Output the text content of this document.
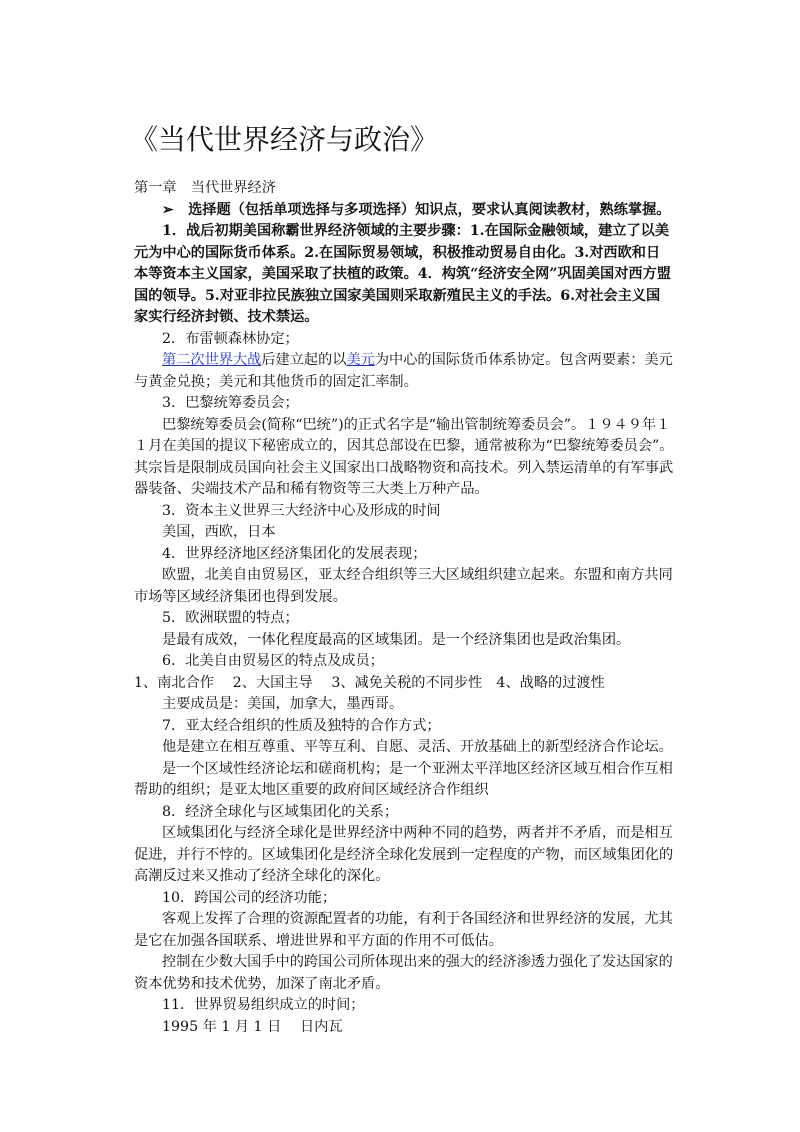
《当代世界经济与政治》

第一章　当代世界经济

➢　选择题（包括单项选择与多项选择）知识点，要求认真阅读教材，熟练掌握。

1．战后初期美国称霸世界经济领域的主要步骤：1.在国际金融领域，建立了以美元为中心的国际货币体系。2.在国际贸易领域，积极推动贸易自由化。3.对西欧和日本等资本主义国家，美国采取了扶植的政策。4．构筑“经济安全网”巩固美国对西方盟国的领导。5.对亚非拉民族独立国家美国则采取新殖民主义的手法。6.对社会主义国家实行经济封锁、技术禁运。

2．布雷顿森林协定；

第二次世界大战后建立起的以美元为中心的国际货币体系协定。包含两要素：美元与黄金兑换；美元和其他货币的固定汇率制。

3．巴黎统筹委员会；

巴黎统筹委员会(简称“巴统”)的正式名字是“输出管制统筹委员会”。１９４９年１１月在美国的提议下秘密成立的，因其总部设在巴黎，通常被称为“巴黎统筹委员会”。其宗旨是限制成员国向社会主义国家出口战略物资和高技术。列入禁运清单的有军事武器装备、尖端技术产品和稀有物资等三大类上万种产品。

3．资本主义世界三大经济中心及形成的时间

美国，西欧，日本

4．世界经济地区经济集团化的发展表现；

欧盟，北美自由贸易区，亚太经合组织等三大区域组织建立起来。东盟和南方共同市场等区域经济集团也得到发展。

5．欧洲联盟的特点；

是最有成效，一体化程度最高的区域集团。是一个经济集团也是政治集团。

6．北美自由贸易区的特点及成员；

1、南北合作　 2、大国主导　 3、减免关税的不同步性　4、战略的过渡性

主要成员是：美国，加拿大，墨西哥。

7．亚太经合组织的性质及独特的合作方式；

他是建立在相互尊重、平等互利、自愿、灵活、开放基础上的新型经济合作论坛。

是一个区域性经济论坛和磋商机构；是一个亚洲太平洋地区经济区域互相合作互相帮助的组织；是亚太地区重要的政府间区域经济合作组织

8．经济全球化与区域集团化的关系；

区域集团化与经济全球化是世界经济中两种不同的趋势，两者并不矛盾，而是相互促进，并行不悖的。区域集团化是经济全球化发展到一定程度的产物，而区域集团化的高潮反过来又推动了经济全球化的深化。

10．跨国公司的经济功能；

客观上发挥了合理的资源配置者的功能，有利于各国经济和世界经济的发展，尤其是它在加强各国联系、增进世界和平方面的作用不可低估。

控制在少数大国手中的跨国公司所体现出来的强大的经济渗透力强化了发达国家的资本优势和技术优势，加深了南北矛盾。

11．世界贸易组织成立的时间；

1995 年 1 月 1 日　 日内瓦
